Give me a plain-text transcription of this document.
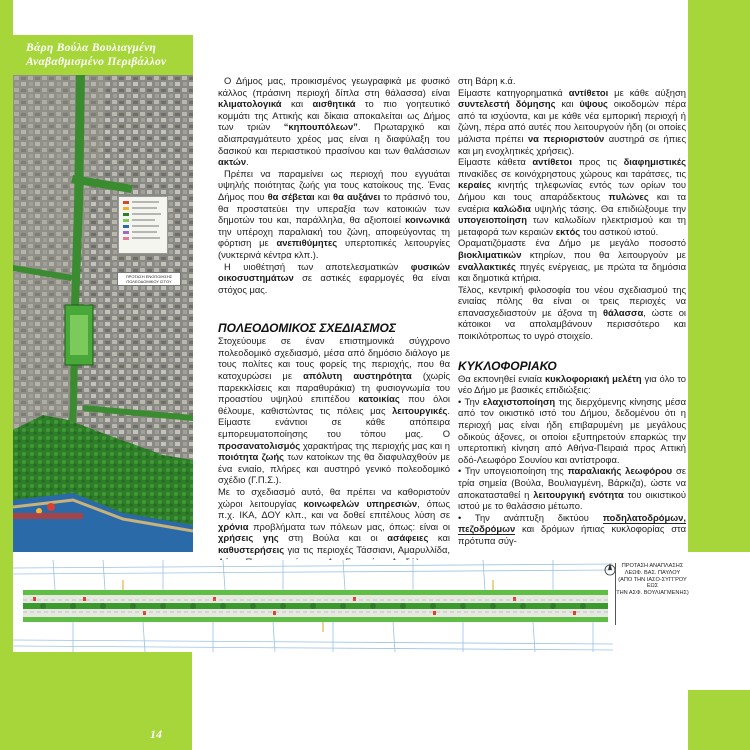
Βάρη Βούλα Βουλιαγμένη
Αναβαθμισμένο Περιβάλλον
ΠΡΟΤΑΣΗ ΕΝΟΠΟΙΗΣΗΣ ΠΟΛΕΟΔΟΜΙΚΟΥ ΙΣΤΟΥ

Ο Δήμος μας, προικισμένος γεωγραφικά με φυσικό κάλλος (πράσινη περιοχή δίπλα στη θάλασσα) είναι κλιματολογικά και αισθητικά το πιο γοητευτικό κομμάτι της Αττικής και δίκαια αποκαλείται ως Δήμος των τριών “κηπουπόλεων”. Πρωταρχικό και αδιαπραγμάτευτο χρέος μας είναι η διαφύλαξη του δασικού και περιαστικού πρασίνου και των θαλάσσιων ακτών.

Πρέπει να παραμείνει ως περιοχή που εγγυάται υψηλής ποιότητας ζωής για τους κατοίκους της. Ένας Δήμος που θα σέβεται και θα αυξάνει το πράσινό του, θα προστατεύει την υπεραξία των κατοικιών των δημοτών του και, παράλληλα, θα αξιοποιεί κοινωνικά την υπέροχη παραλιακή του ζώνη, αποφεύγοντας τη φόρτιση με ανεπιθύμητες υπερτοπικές λειτουργίες (νυκτερινά κέντρα κλπ.).

Η υιοθέτησή των αποτελεσματικών φυσικών οικοσυστημάτων σε αστικές εφαρμογές θα είναι στόχος μας.

ΠΟΛΕΟΔΟΜΙΚΟΣ ΣΧΕΔΙΑΣΜΟΣ

Στοχεύουμε σε έναν επιστημονικά σύγχρονο πολεοδομικό σχεδιασμό, μέσα από δημόσιο διάλογο με τους πολίτες και τους φορείς της περιοχής, που θα κατοχυρώσει με απόλυτη αυστηρότητα (χωρίς παρεκκλίσεις και παραθυράκια) τη φυσιογνωμία του προαστίου υψηλού επιπέδου κατοικίας που όλοι θέλουμε, καθιστώντας τις πόλεις μας λειτουργικές. Είμαστε ενάντιοι σε κάθε απόπειρα εμπορευματοποίησης του τόπου μας. Ο προσανατολισμός χαρακτήρας της περιοχής μας και η ποιότητα ζωής των κατοίκων της θα διαφυλαχθούν με ένα ενιαίο, πλήρες και αυστηρό γενικό πολεοδομικό σχέδιο (Γ.Π.Σ.).

Με το σχεδιασμό αυτό, θα πρέπει να καθοριστούν χώροι λειτουργίας κοινωφελών υπηρεσιών, όπως π.χ. ΙΚΑ, ΔΟΥ κλπ., και να δοθεί επιτέλους λύση σε χρόνια προβλήματα των πόλεων μας, όπως: είναι οι χρήσεις γης στη Βούλα και οι ασάφειες και καθυστερήσεις για τις περιοχές Τάσσιανι, Αμαρυλλίδα,

στη Βάρη κ.ά.

Είμαστε κατηγορηματικά αντίθετοι με κάθε αύξηση συντελεστή δόμησης και ύψους οικοδομών πέρα από τα ισχύοντα, και με κάθε νέα εμπορική περιοχή ή ζώνη, πέρα από αυτές που λειτουργούν ήδη (οι οποίες μάλιστα πρέπει να περιοριστούν αυστηρά σε ήπιες και μη ενοχλητικές χρήσεις).

Είμαστε κάθετα αντίθετοι προς τις διαφημιστικές πινακίδες σε κοινόχρηστους χώρους και ταράτσες, τις κεραίες κινητής τηλεφωνίας εντός των ορίων του Δήμου και τους απαράδεκτους πυλώνες και τα εναέρια καλώδια υψηλής τάσης. Θα επιδιώξουμε την υπογειοποίηση των καλωδίων ηλεκτρισμού και τη μεταφορά των κεραιών εκτός του αστικού ιστού.

Οραματιζόμαστε ένα Δήμο με μεγάλο ποσοστό βιοκλιματικών κτηρίων, που θα λειτουργούν με εναλλακτικές πηγές ενέργειας, με πρώτα τα δημόσια και δημοτικά κτήρια.

Τέλος, κεντρική φιλοσοφία του νέου σχεδιασμού της ενιαίας πόλης θα είναι οι τρεις περιοχές να επανασχεδιαστούν με άξονα τη θάλασσα, ώστε οι κάτοικοι να απολαμβάνουν περισσότερο και ποικιλότροπως το υγρό στοιχείο.

ΚΥΚΛΟΦΟΡΙΑΚΟ

Θα εκπονηθεί ενιαία κυκλοφοριακή μελέτη για όλο το νέο Δήμο με βασικές επιδιώξεις:

• Την ελαχιστοποίηση της διερχόμενης κίνησης μέσα από τον οικιστικό ιστό του Δήμου, δεδομένου ότι η περιοχή μας είναι ήδη επιβαρυμένη με μεγάλους οδικούς άξονες, οι οποίοι εξυπηρετούν επαρκώς την υπερτοπική κίνηση από Αθήνα-Πειραιά προς Αττική οδό-Λεωφόρο Σουνίου και αντίστροφα.

• Την υπογειοποίηση της παραλιακής λεωφόρου σε τρία σημεία (Βούλα, Βουλιαγμένη, Βάρκιζα), ώστε να αποκατασταθεί η λειτουργική ενότητα του οικιστικού ιστού με το θαλάσσιο μέτωπο.

• Την ανάπτυξη δικτύου ποδηλατοδρόμων, πεζοδρόμων και δρόμων ήπιας κυκλοφορίας στα πρότυπα σύγ-

ΠΡΟΤΑΣΗ ΑΝΑΠΛΑΣΗΣ
ΛΕΩΦ. ΒΑΣ. ΠΑΥΛΟΥ
(ΑΠΟ ΤΗΝ ΙΑΣΟ-ΣΥΓΓΡΟΥ ΕΩΣ
ΤΗΝ ΑΣΦ. ΒΟΥΛΙΑΓΜΕΝΗΣ)
14
